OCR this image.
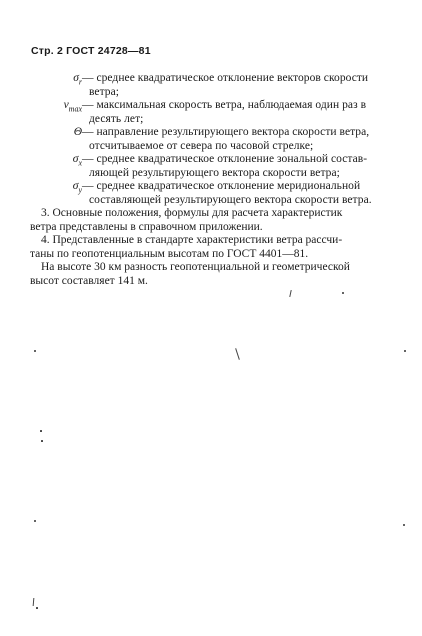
Стр. 2 ГОСТ 24728—81
$\sigma_r$ — среднее квадратическое отклонение векторов скорости
ветра;
$v_{max}$ — максимальная скорость ветра, наблюдаемая один раз в
десять лет;
Θ — направление результирующего вектора скорости ветра,
отсчитываемое от севера по часовой стрелке;
$\sigma_x$ — среднее квадратическое отклонение зональной состав-
ляющей результирующего вектора скорости ветра;
$\sigma_y$ — среднее квадратическое отклонение меридиональной
составляющей результирующего вектора скорости ветра.
3. Основные положения, формулы для расчета характеристик
ветра представлены в справочном приложении.
4. Представленные в стандарте характеристики ветра рассчи-
таны по геопотенциальным высотам по ГОСТ 4401—81.
На высоте 30 км разность геопотенциальной и геометрической
высот составляет 141 м.
